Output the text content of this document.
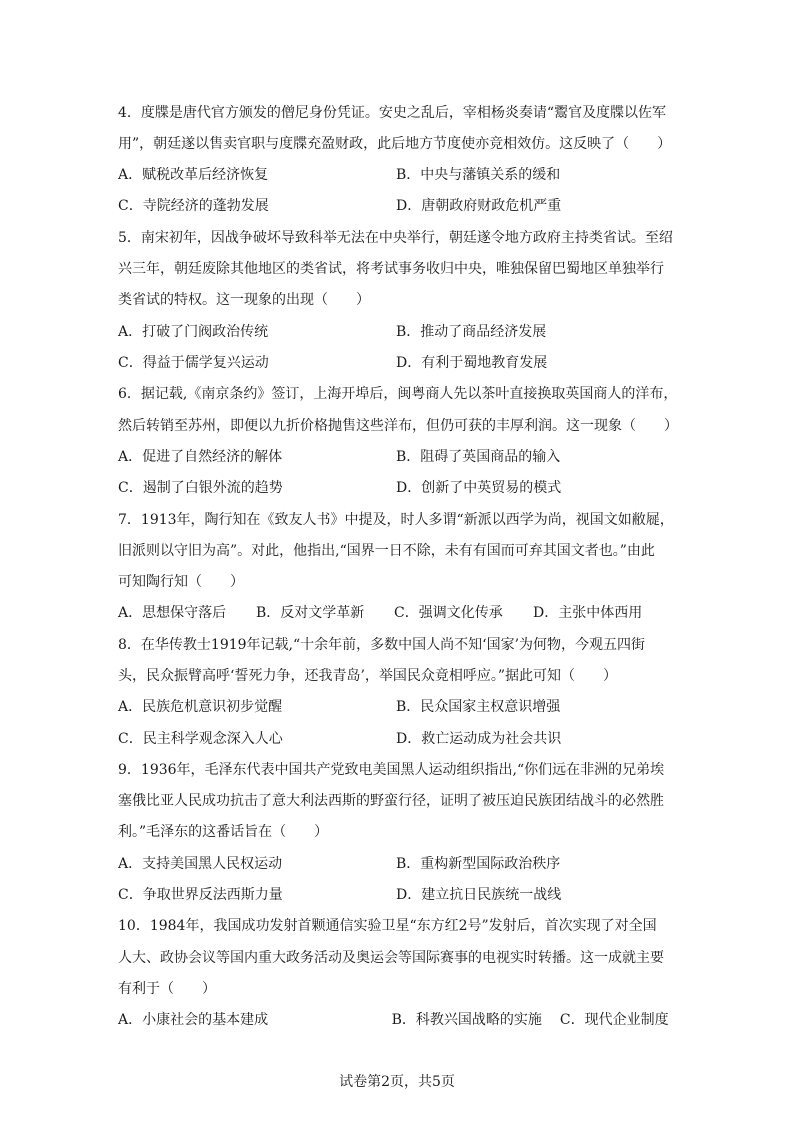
4．度牒是唐代官方颁发的僧尼身份凭证。安史之乱后，宰相杨炎奏请“鬻官及度牒以佐军
用”，朝廷遂以售卖官职与度牒充盈财政，此后地方节度使亦竞相效仿。这反映了（　　）
A．赋税改革后经济恢复	B．中央与藩镇关系的缓和
C．寺院经济的蓬勃发展	D．唐朝政府财政危机严重
5．南宋初年，因战争破坏导致科举无法在中央举行，朝廷遂令地方政府主持类省试。至绍
兴三年，朝廷废除其他地区的类省试，将考试事务收归中央，唯独保留巴蜀地区单独举行
类省试的特权。这一现象的出现（　　）
A．打破了门阀政治传统	B．推动了商品经济发展
C．得益于儒学复兴运动	D．有利于蜀地教育发展
6．据记载,《南京条约》签订，上海开埠后，闽粤商人先以茶叶直接换取英国商人的洋布，
然后转销至苏州，即便以九折价格抛售这些洋布，但仍可获的丰厚利润。这一现象（　　）
A．促进了自然经济的解体	B．阻碍了英国商品的输入
C．遏制了白银外流的趋势	D．创新了中英贸易的模式
7．1913年，陶行知在《致友人书》中提及，时人多谓“新派以西学为尚，视国文如敝屣，
旧派则以守旧为高”。对此，他指出,“国界一日不除，未有有国而可弃其国文者也。”由此
可知陶行知（　　）
A．思想保守落后	B．反对文学革新	C．强调文化传承	D．主张中体西用
8．在华传教士1919年记载,“十余年前，多数中国人尚不知‘国家’为何物，今观五四街
头，民众振臂高呼‘誓死力争，还我青岛’，举国民众竟相呼应。”据此可知（　　）
A．民族危机意识初步觉醒	B．民众国家主权意识增强
C．民主科学观念深入人心	D．救亡运动成为社会共识
9．1936年，毛泽东代表中国共产党致电美国黑人运动组织指出,“你们远在非洲的兄弟埃
塞俄比亚人民成功抗击了意大利法西斯的野蛮行径，证明了被压迫民族团结战斗的必然胜
利。”毛泽东的这番话旨在（　　）
A．支持美国黑人民权运动	B．重构新型国际政治秩序
C．争取世界反法西斯力量	D．建立抗日民族统一战线
10．1984年，我国成功发射首颗通信实验卫星“东方红2号”发射后，首次实现了对全国
人大、政协会议等国内重大政务活动及奥运会等国际赛事的电视实时转播。这一成就主要
有利于（　　）
A．小康社会的基本建成	B．科教兴国战略的实施	C．现代企业制度
试卷第2页，共5页
